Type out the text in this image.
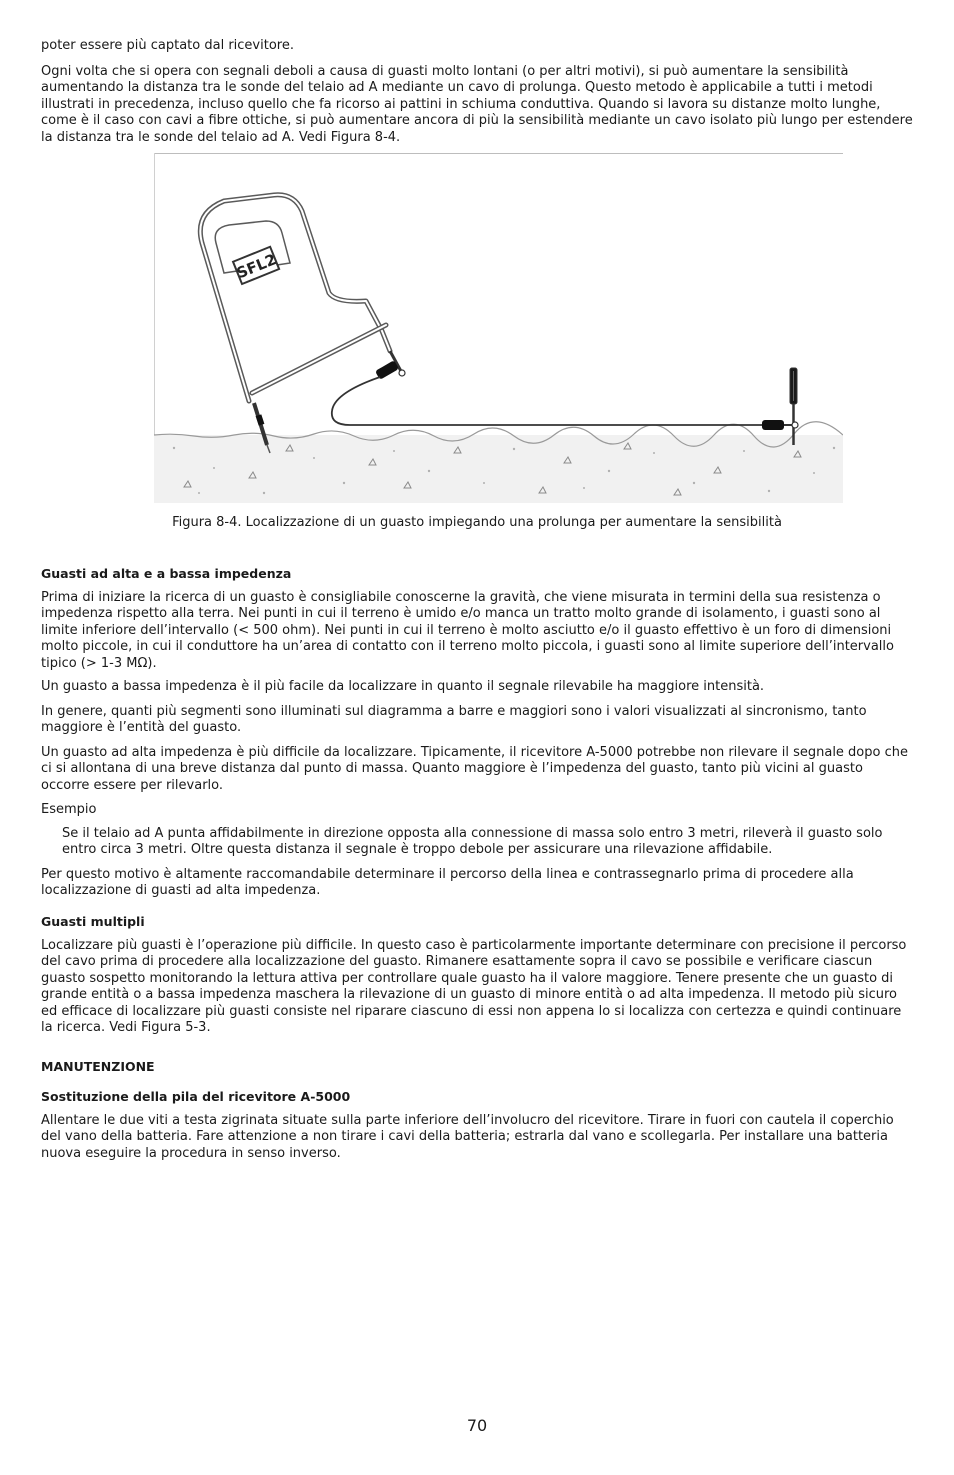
poter essere più captato dal ricevitore.

Ogni volta che si opera con segnali deboli a causa di guasti molto lontani (o per altri motivi), si può aumentare la sensibilità aumentando la distanza tra le sonde del telaio ad A mediante un cavo di prolunga. Questo metodo è applicabile a tutti i metodi illustrati in precedenza, incluso quello che fa ricorso ai pattini in schiuma conduttiva. Quando si lavora su distanze molto lunghe, come è il caso con cavi a fibre ottiche, si può aumentare ancora di più la sensibilità mediante un cavo isolato più lungo per estendere la distanza tra le sonde del telaio ad A. Vedi Figura 8-4.

SFL2

Figura 8-4. Localizzazione di un guasto impiegando una prolunga per aumentare la sensibilità

Guasti ad alta e a bassa impedenza

Prima di iniziare la ricerca di un guasto è consigliabile conoscerne la gravità, che viene misurata in termini della sua resistenza o impedenza rispetto alla terra. Nei punti in cui il terreno è umido e/o manca un tratto molto grande di isolamento, i guasti sono al limite inferiore dell’intervallo (< 500 ohm). Nei punti in cui il terreno è molto asciutto e/o il guasto effettivo è un foro di dimensioni molto piccole, in cui il conduttore ha un’area di contatto con il terreno molto piccola, i guasti sono al limite superiore dell’intervallo tipico (> 1-3 MΩ).

Un guasto a bassa impedenza è il più facile da localizzare in quanto il segnale rilevabile ha maggiore intensità.

In genere, quanti più segmenti sono illuminati sul diagramma a barre e maggiori sono i valori visualizzati al sincronismo, tanto maggiore è l’entità del guasto.

Un guasto ad alta impedenza è più difficile da localizzare. Tipicamente, il ricevitore A-5000 potrebbe non rilevare il segnale dopo che ci si allontana di una breve distanza dal punto di massa. Quanto maggiore è l’impedenza del guasto, tanto più vicini al guasto occorre essere per rilevarlo.

Esempio

Se il telaio ad A punta affidabilmente in direzione opposta alla connessione di massa solo entro 3 metri, rileverà il guasto solo entro circa 3 metri. Oltre questa distanza il segnale è troppo debole per assicurare una rilevazione affidabile.

Per questo motivo è altamente raccomandabile determinare il percorso della linea e contrassegnarlo prima di procedere alla localizzazione di guasti ad alta impedenza.

Guasti multipli

Localizzare più guasti è l’operazione più difficile. In questo caso è particolarmente importante determinare con precisione il percorso del cavo prima di procedere alla localizzazione del guasto. Rimanere esattamente sopra il cavo se possibile e verificare ciascun guasto sospetto monitorando la lettura attiva per controllare quale guasto ha il valore maggiore. Tenere presente che un guasto di grande entità o a bassa impedenza maschera la rilevazione di un guasto di minore entità o ad alta impedenza. Il metodo più sicuro ed efficace di localizzare più guasti consiste nel riparare ciascuno di essi non appena lo si localizza con certezza e quindi continuare la ricerca. Vedi Figura 5-3.

MANUTENZIONE
Sostituzione della pila del ricevitore A-5000

Allentare le due viti a testa zigrinata situate sulla parte inferiore dell’involucro del ricevitore. Tirare in fuori con cautela il coperchio del vano della batteria. Fare attenzione a non tirare i cavi della batteria; estrarla dal vano e scollegarla. Per installare una batteria nuova eseguire la procedura in senso inverso.

70
